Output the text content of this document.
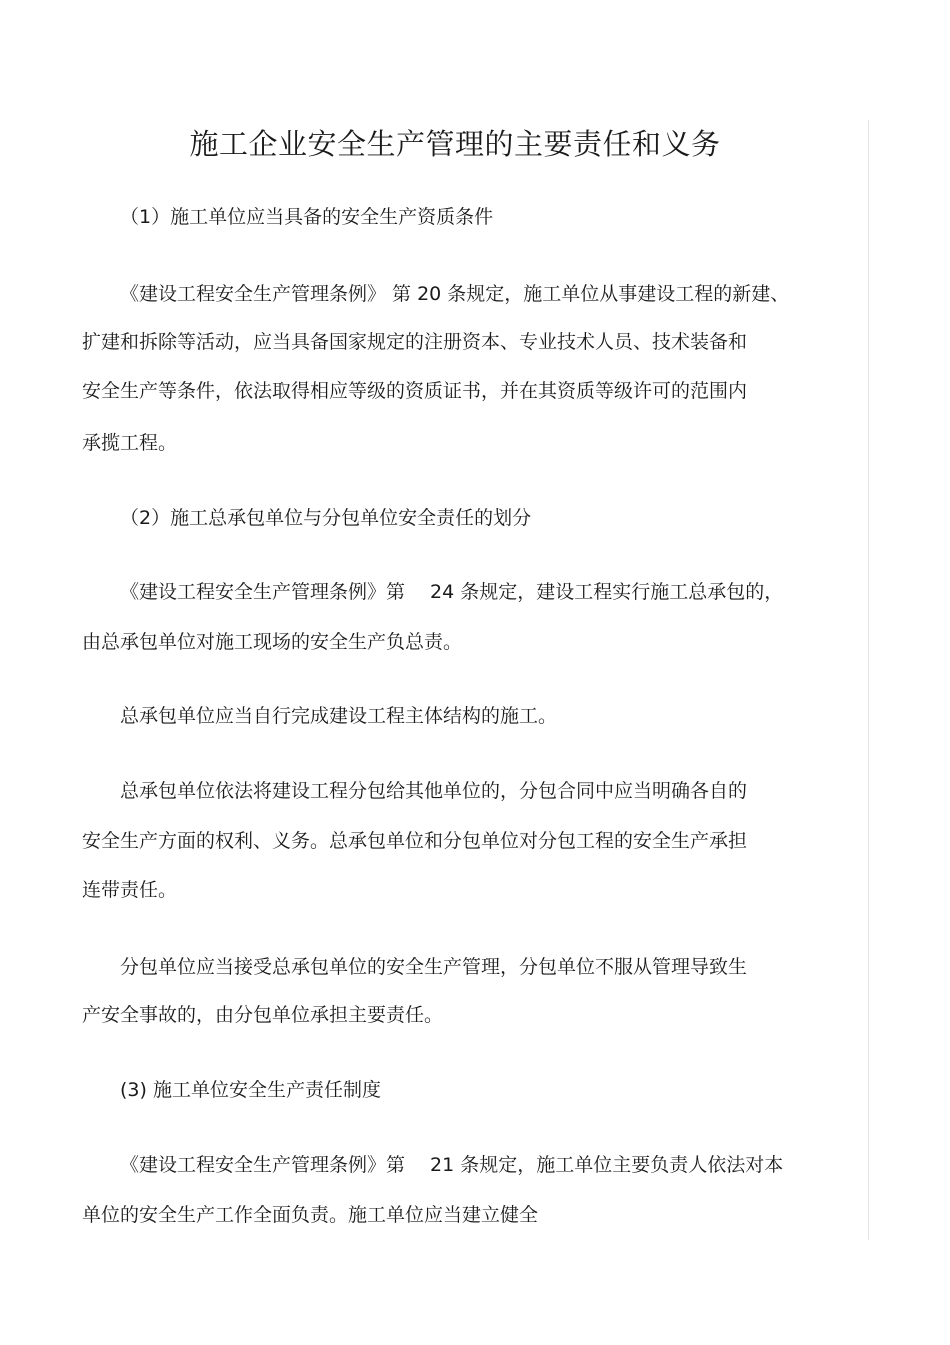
施工企业安全生产管理的主要责任和义务

（1）施工单位应当具备的安全生产资质条件

《建设工程安全生产管理条例》 第 20 条规定，施工单位从事建设工程的新建、

扩建和拆除等活动，应当具备国家规定的注册资本、专业技术人员、技术装备和

安全生产等条件，依法取得相应等级的资质证书，并在其资质等级许可的范围内

承揽工程。

（2）施工总承包单位与分包单位安全责任的划分

《建设工程安全生产管理条例》第　 24 条规定，建设工程实行施工总承包的，

由总承包单位对施工现场的安全生产负总责。

总承包单位应当自行完成建设工程主体结构的施工。

总承包单位依法将建设工程分包给其他单位的，分包合同中应当明确各自的

安全生产方面的权利、义务。总承包单位和分包单位对分包工程的安全生产承担

连带责任。

分包单位应当接受总承包单位的安全生产管理，分包单位不服从管理导致生

产安全事故的，由分包单位承担主要责任。

(3) 施工单位安全生产责任制度

《建设工程安全生产管理条例》第　 21 条规定，施工单位主要负责人依法对本

单位的安全生产工作全面负责。施工单位应当建立健全
